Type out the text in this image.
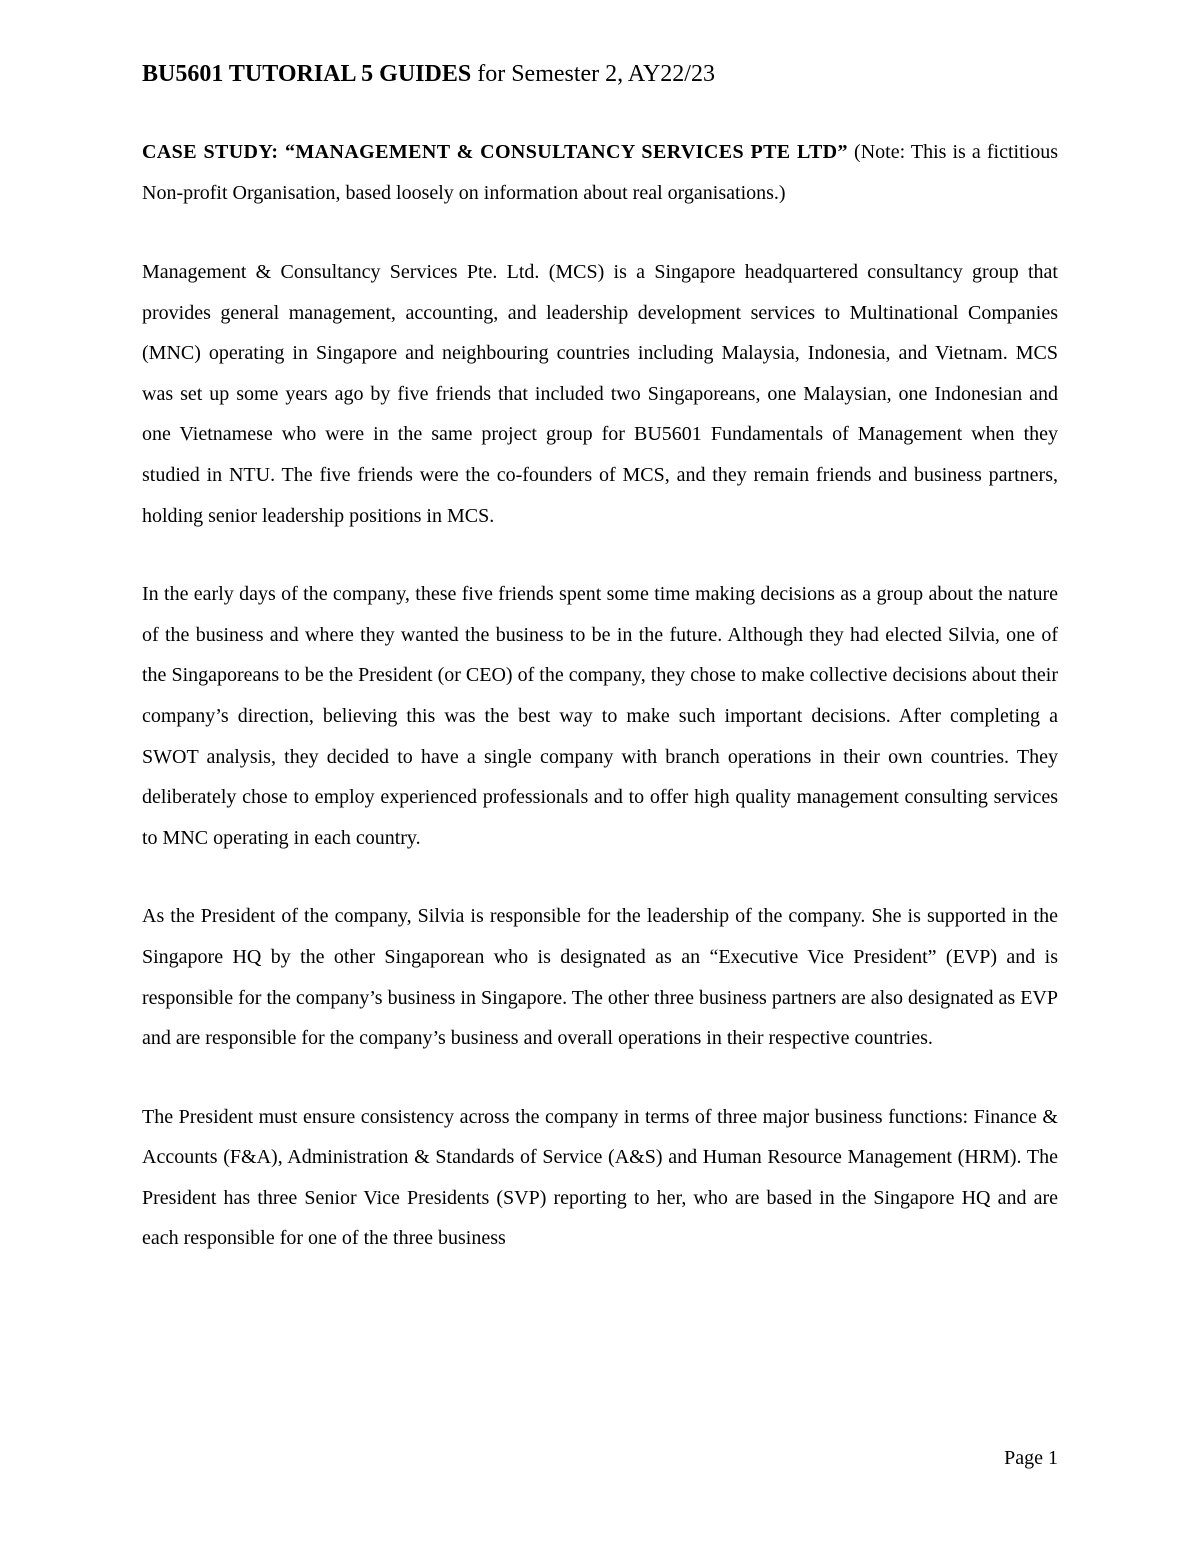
BU5601 TUTORIAL 5 GUIDES for Semester 2, AY22/23
CASE STUDY: “MANAGEMENT & CONSULTANCY SERVICES PTE LTD” (Note: This is a fictitious Non-profit Organisation, based loosely on information about real organisations.)

Management & Consultancy Services Pte. Ltd. (MCS) is a Singapore headquartered consultancy group that provides general management, accounting, and leadership development services to Multinational Companies (MNC) operating in Singapore and neighbouring countries including Malaysia, Indonesia, and Vietnam. MCS was set up some years ago by five friends that included two Singaporeans, one Malaysian, one Indonesian and one Vietnamese who were in the same project group for BU5601 Fundamentals of Management when they studied in NTU. The five friends were the co-founders of MCS, and they remain friends and business partners, holding senior leadership positions in MCS.

In the early days of the company, these five friends spent some time making decisions as a group about the nature of the business and where they wanted the business to be in the future. Although they had elected Silvia, one of the Singaporeans to be the President (or CEO) of the company, they chose to make collective decisions about their company’s direction, believing this was the best way to make such important decisions. After completing a SWOT analysis, they decided to have a single company with branch operations in their own countries. They deliberately chose to employ experienced professionals and to offer high quality management consulting services to MNC operating in each country.

As the President of the company, Silvia is responsible for the leadership of the company. She is supported in the Singapore HQ by the other Singaporean who is designated as an “Executive Vice President” (EVP) and is responsible for the company’s business in Singapore. The other three business partners are also designated as EVP and are responsible for the company’s business and overall operations in their respective countries.

The President must ensure consistency across the company in terms of three major business functions: Finance & Accounts (F&A), Administration & Standards of Service (A&S) and Human Resource Management (HRM). The President has three Senior Vice Presidents (SVP) reporting to her, who are based in the Singapore HQ and are each responsible for one of the three business

Page 1
